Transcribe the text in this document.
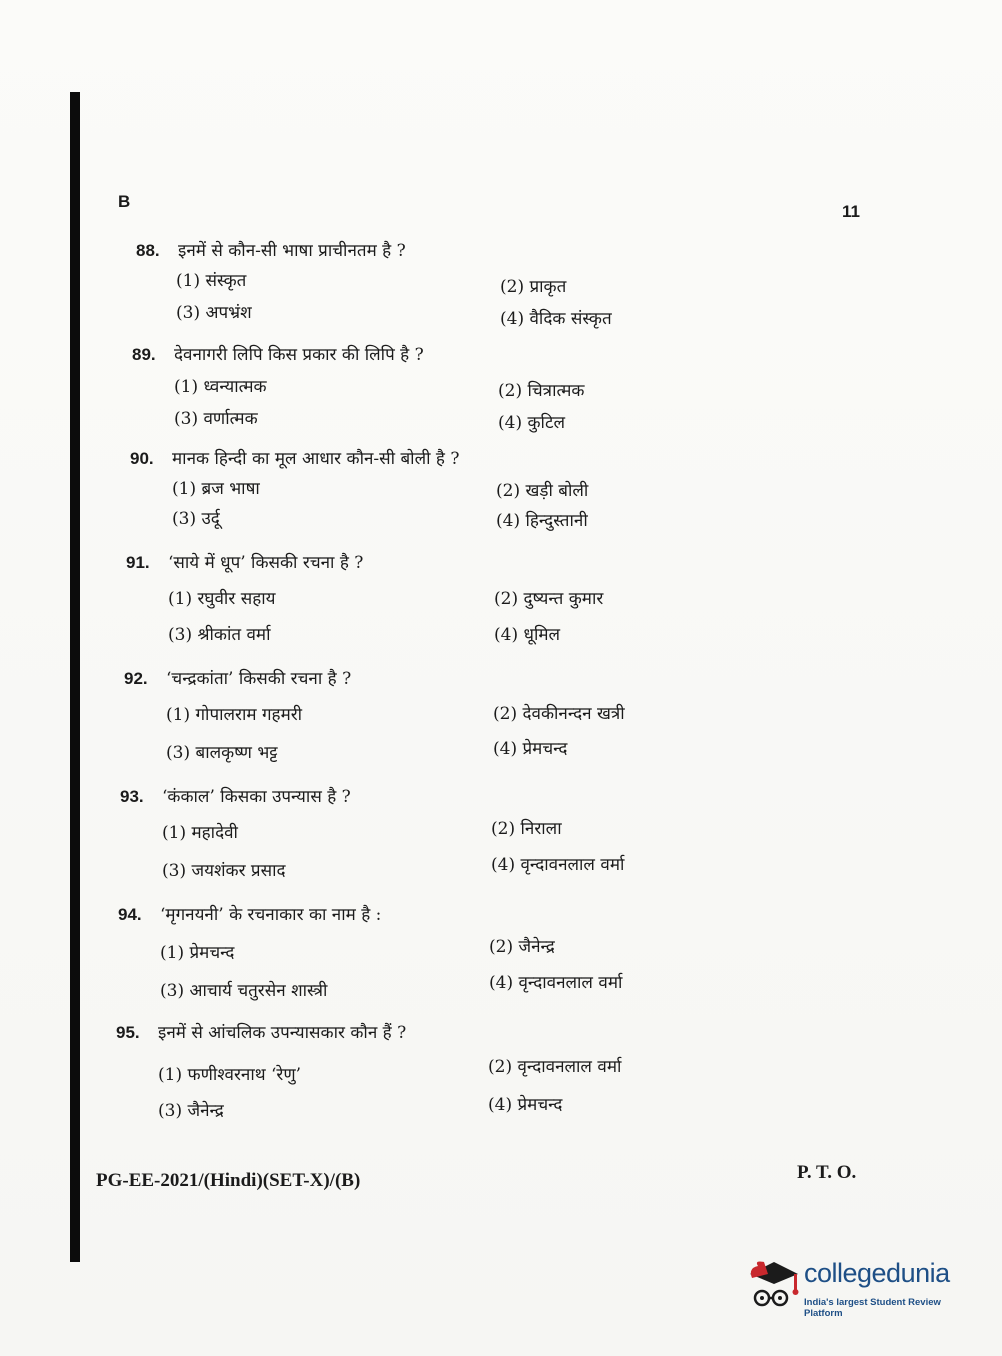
B
11
88. इनमें से कौन-सी भाषा प्राचीनतम है ?
(1) संस्कृत	(2) प्राकृत
(3) अपभ्रंश	(4) वैदिक संस्कृत
89. देवनागरी लिपि किस प्रकार की लिपि है ?
(1) ध्वन्यात्मक	(2) चित्रात्मक
(3) वर्णात्मक	(4) कुटिल
90. मानक हिन्दी का मूल आधार कौन-सी बोली है ?
(1) ब्रज भाषा	(2) खड़ी बोली
(3) उर्दू	(4) हिन्दुस्तानी
91. ‘साये में धूप’ किसकी रचना है ?
(1) रघुवीर सहाय	(2) दुष्यन्त कुमार
(3) श्रीकांत वर्मा	(4) धूमिल
92. ‘चन्द्रकांता’ किसकी रचना है ?
(1) गोपालराम गहमरी	(2) देवकीनन्दन खत्री
(3) बालकृष्ण भट्ट	(4) प्रेमचन्द
93. ‘कंकाल’ किसका उपन्यास है ?
(1) महादेवी	(2) निराला
(3) जयशंकर प्रसाद	(4) वृन्दावनलाल वर्मा
94. ‘मृगनयनी’ के रचनाकार का नाम है :
(1) प्रेमचन्द	(2) जैनेन्द्र
(3) आचार्य चतुरसेन शास्त्री	(4) वृन्दावनलाल वर्मा
95. इनमें से आंचलिक उपन्यासकार कौन हैं ?
(1) फणीश्वरनाथ ‘रेणु’	(2) वृन्दावनलाल वर्मा
(3) जैनेन्द्र	(4) प्रेमचन्द
PG-EE-2021/(Hindi)(SET-X)/(B)	P. T. O.
collegedunia
India's largest Student Review Platform
